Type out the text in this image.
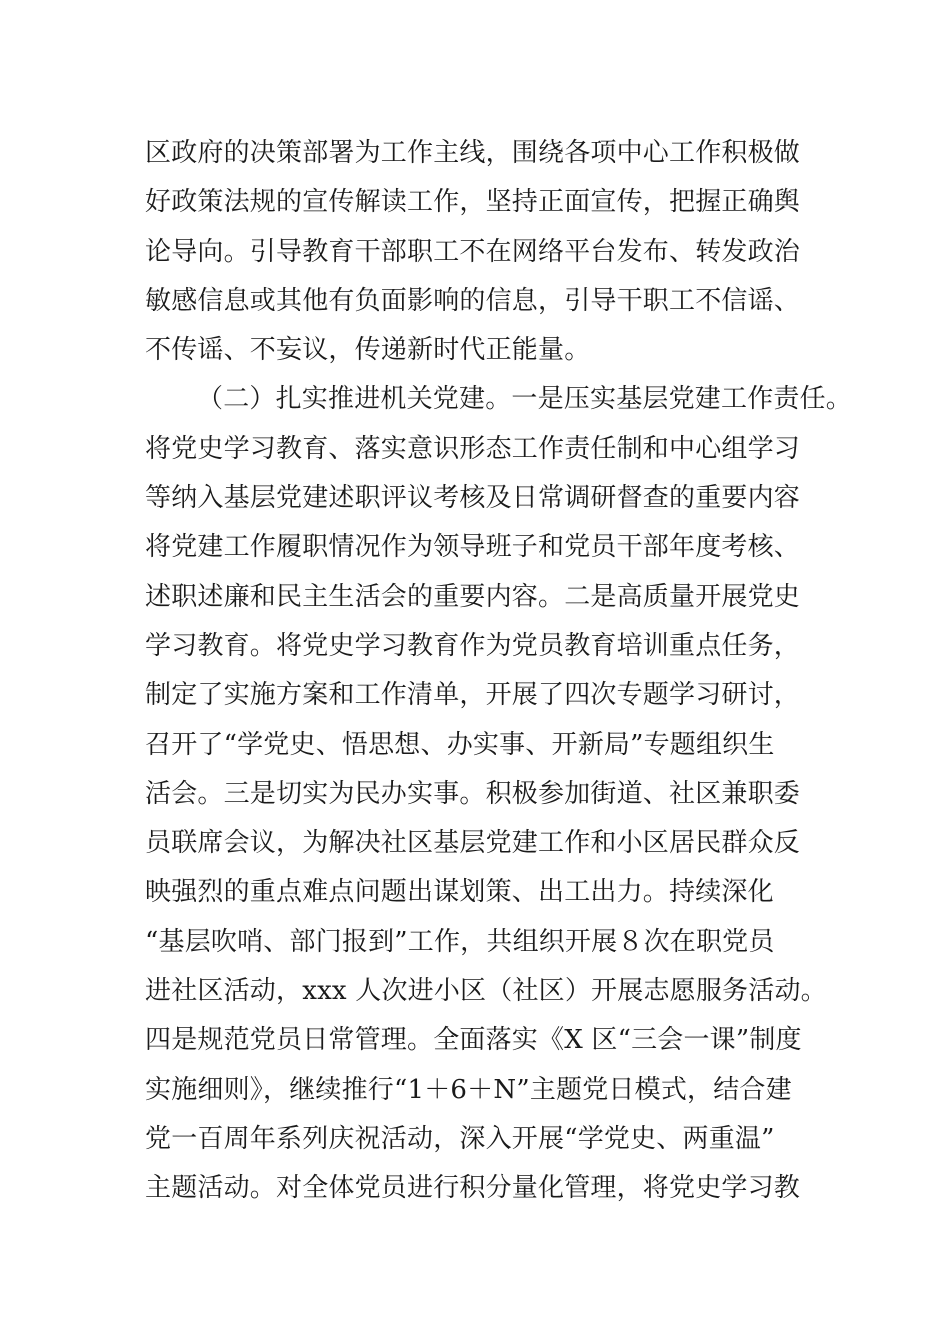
区政府的决策部署为工作主线，围绕各项中心工作积极做
好政策法规的宣传解读工作，坚持正面宣传，把握正确舆
论导向。引导教育干部职工不在网络平台发布、转发政治
敏感信息或其他有负面影响的信息，引导干职工不信谣、
不传谣、不妄议，传递新时代正能量。
（二）扎实推进机关党建。一是压实基层党建工作责任。
将党史学习教育、落实意识形态工作责任制和中心组学习
等纳入基层党建述职评议考核及日常调研督查的重要内容
将党建工作履职情况作为领导班子和党员干部年度考核、
述职述廉和民主生活会的重要内容。二是高质量开展党史
学习教育。将党史学习教育作为党员教育培训重点任务，
制定了实施方案和工作清单，开展了四次专题学习研讨，
召开了“学党史、悟思想、办实事、开新局”专题组织生
活会。三是切实为民办实事。积极参加街道、社区兼职委
员联席会议，为解决社区基层党建工作和小区居民群众反
映强烈的重点难点问题出谋划策、出工出力。持续深化
“基层吹哨、部门报到”工作，共组织开展８次在职党员
进社区活动，xxx 人次进小区（社区）开展志愿服务活动。
四是规范党员日常管理。全面落实《X 区“三会一课”制度
实施细则》，继续推行“1＋6＋N”主题党日模式，结合建
党一百周年系列庆祝活动，深入开展“学党史、两重温”
主题活动。对全体党员进行积分量化管理，将党史学习教
